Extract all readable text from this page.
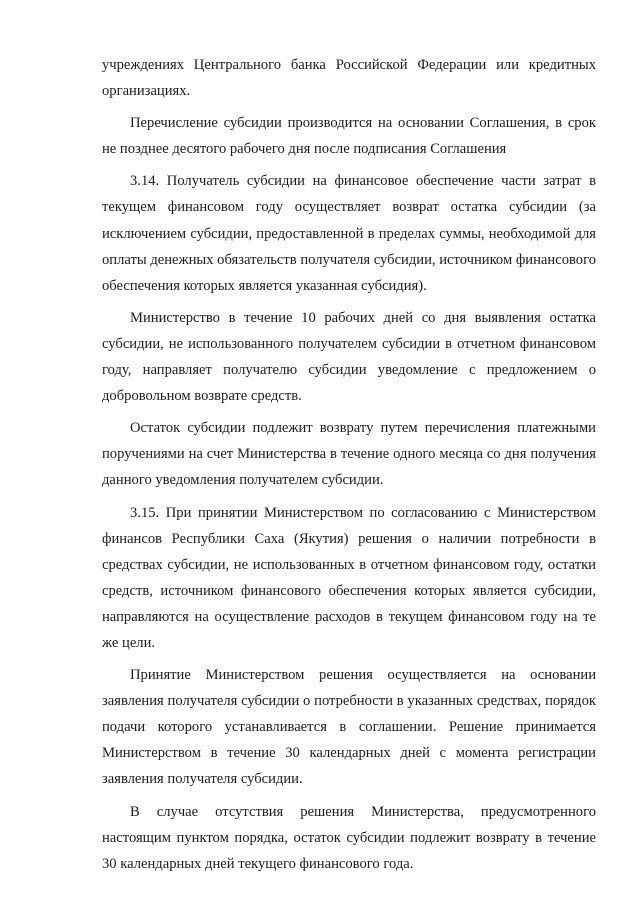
учреждениях Центрального банка Российской Федерации или кредитных организациях.

Перечисление субсидии производится на основании Соглашения, в срок не позднее десятого рабочего дня после подписания Соглашения

3.14. Получатель субсидии на финансовое обеспечение части затрат в текущем финансовом году осуществляет возврат остатка субсидии (за исключением субсидии, предоставленной в пределах суммы, необходимой для оплаты денежных обязательств получателя субсидии, источником финансового обеспечения которых является указанная субсидия).

Министерство в течение 10 рабочих дней со дня выявления остатка субсидии, не использованного получателем субсидии в отчетном финансовом году, направляет получателю субсидии уведомление с предложением о добровольном возврате средств.

Остаток субсидии подлежит возврату путем перечисления платежными поручениями на счет Министерства в течение одного месяца со дня получения данного уведомления получателем субсидии.

3.15. При принятии Министерством по согласованию с Министерством финансов Республики Саха (Якутия) решения о наличии потребности в средствах субсидии, не использованных в отчетном финансовом году, остатки средств, источником финансового обеспечения которых является субсидии, направляются на осуществление расходов в текущем финансовом году на те же цели.

Принятие Министерством решения осуществляется на основании заявления получателя субсидии о потребности в указанных средствах, порядок подачи которого устанавливается в соглашении. Решение принимается Министерством в течение 30 календарных дней с момента регистрации заявления получателя субсидии.

В случае отсутствия решения Министерства, предусмотренного настоящим пунктом порядка, остаток субсидии подлежит возврату в течение 30 календарных дней текущего финансового года.
